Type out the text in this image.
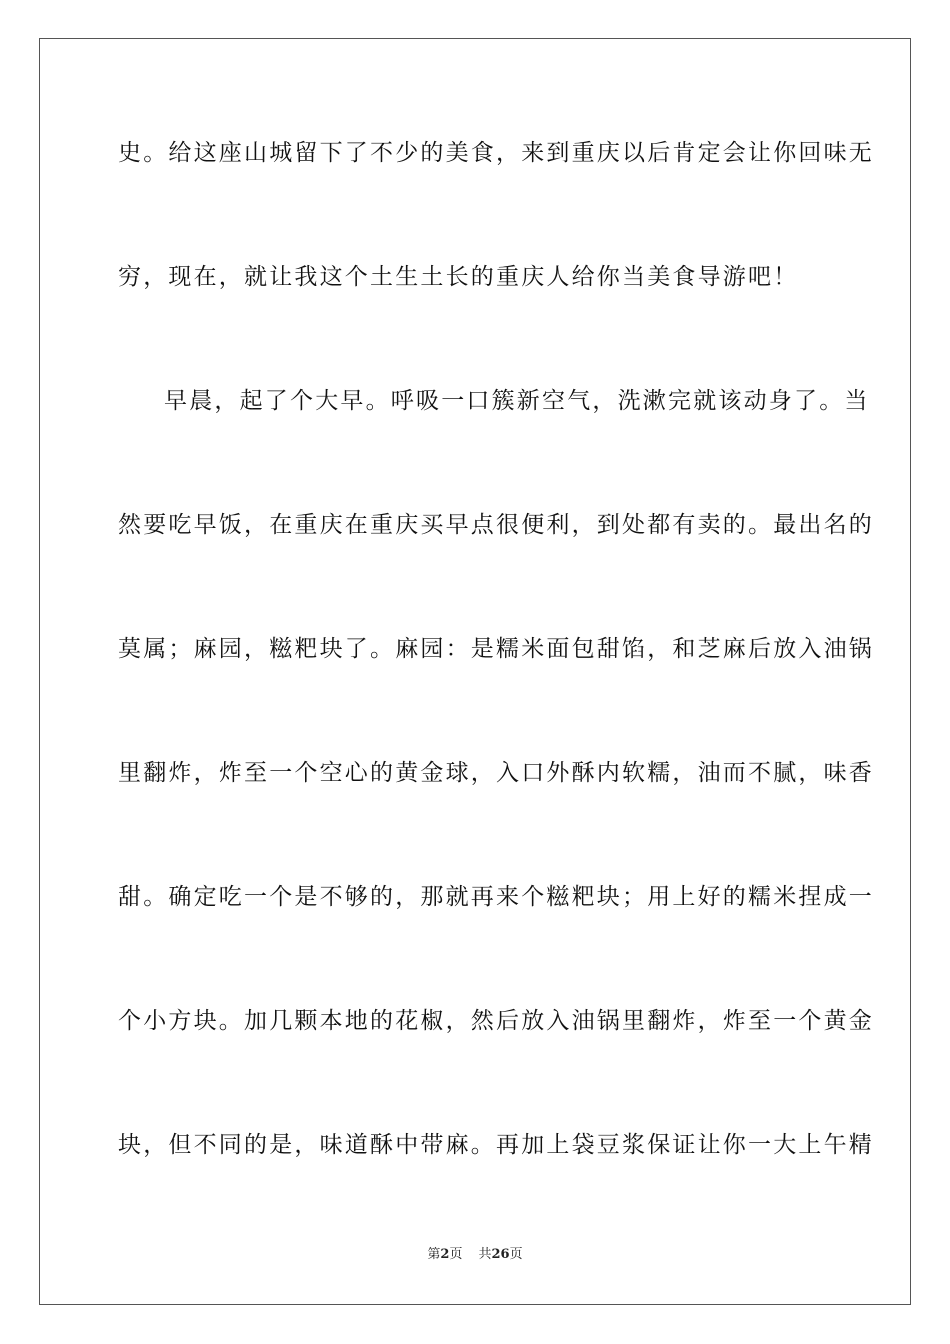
史。给这座山城留下了不少的美食，来到重庆以后肯定会让你回味无
穷，现在，就让我这个土生土长的重庆人给你当美食导游吧！
早晨，起了个大早。呼吸一口簇新空气，洗漱完就该动身了。当
然要吃早饭，在重庆在重庆买早点很便利，到处都有卖的。最出名的
莫属；麻园，糍粑块了。麻园：是糯米面包甜馅，和芝麻后放入油锅
里翻炸，炸至一个空心的黄金球，入口外酥内软糯，油而不腻，味香
甜。确定吃一个是不够的，那就再来个糍粑块；用上好的糯米捏成一
个小方块。加几颗本地的花椒，然后放入油锅里翻炸，炸至一个黄金
块，但不同的是，味道酥中带麻。再加上袋豆浆保证让你一大上午精
第2页 共26页
